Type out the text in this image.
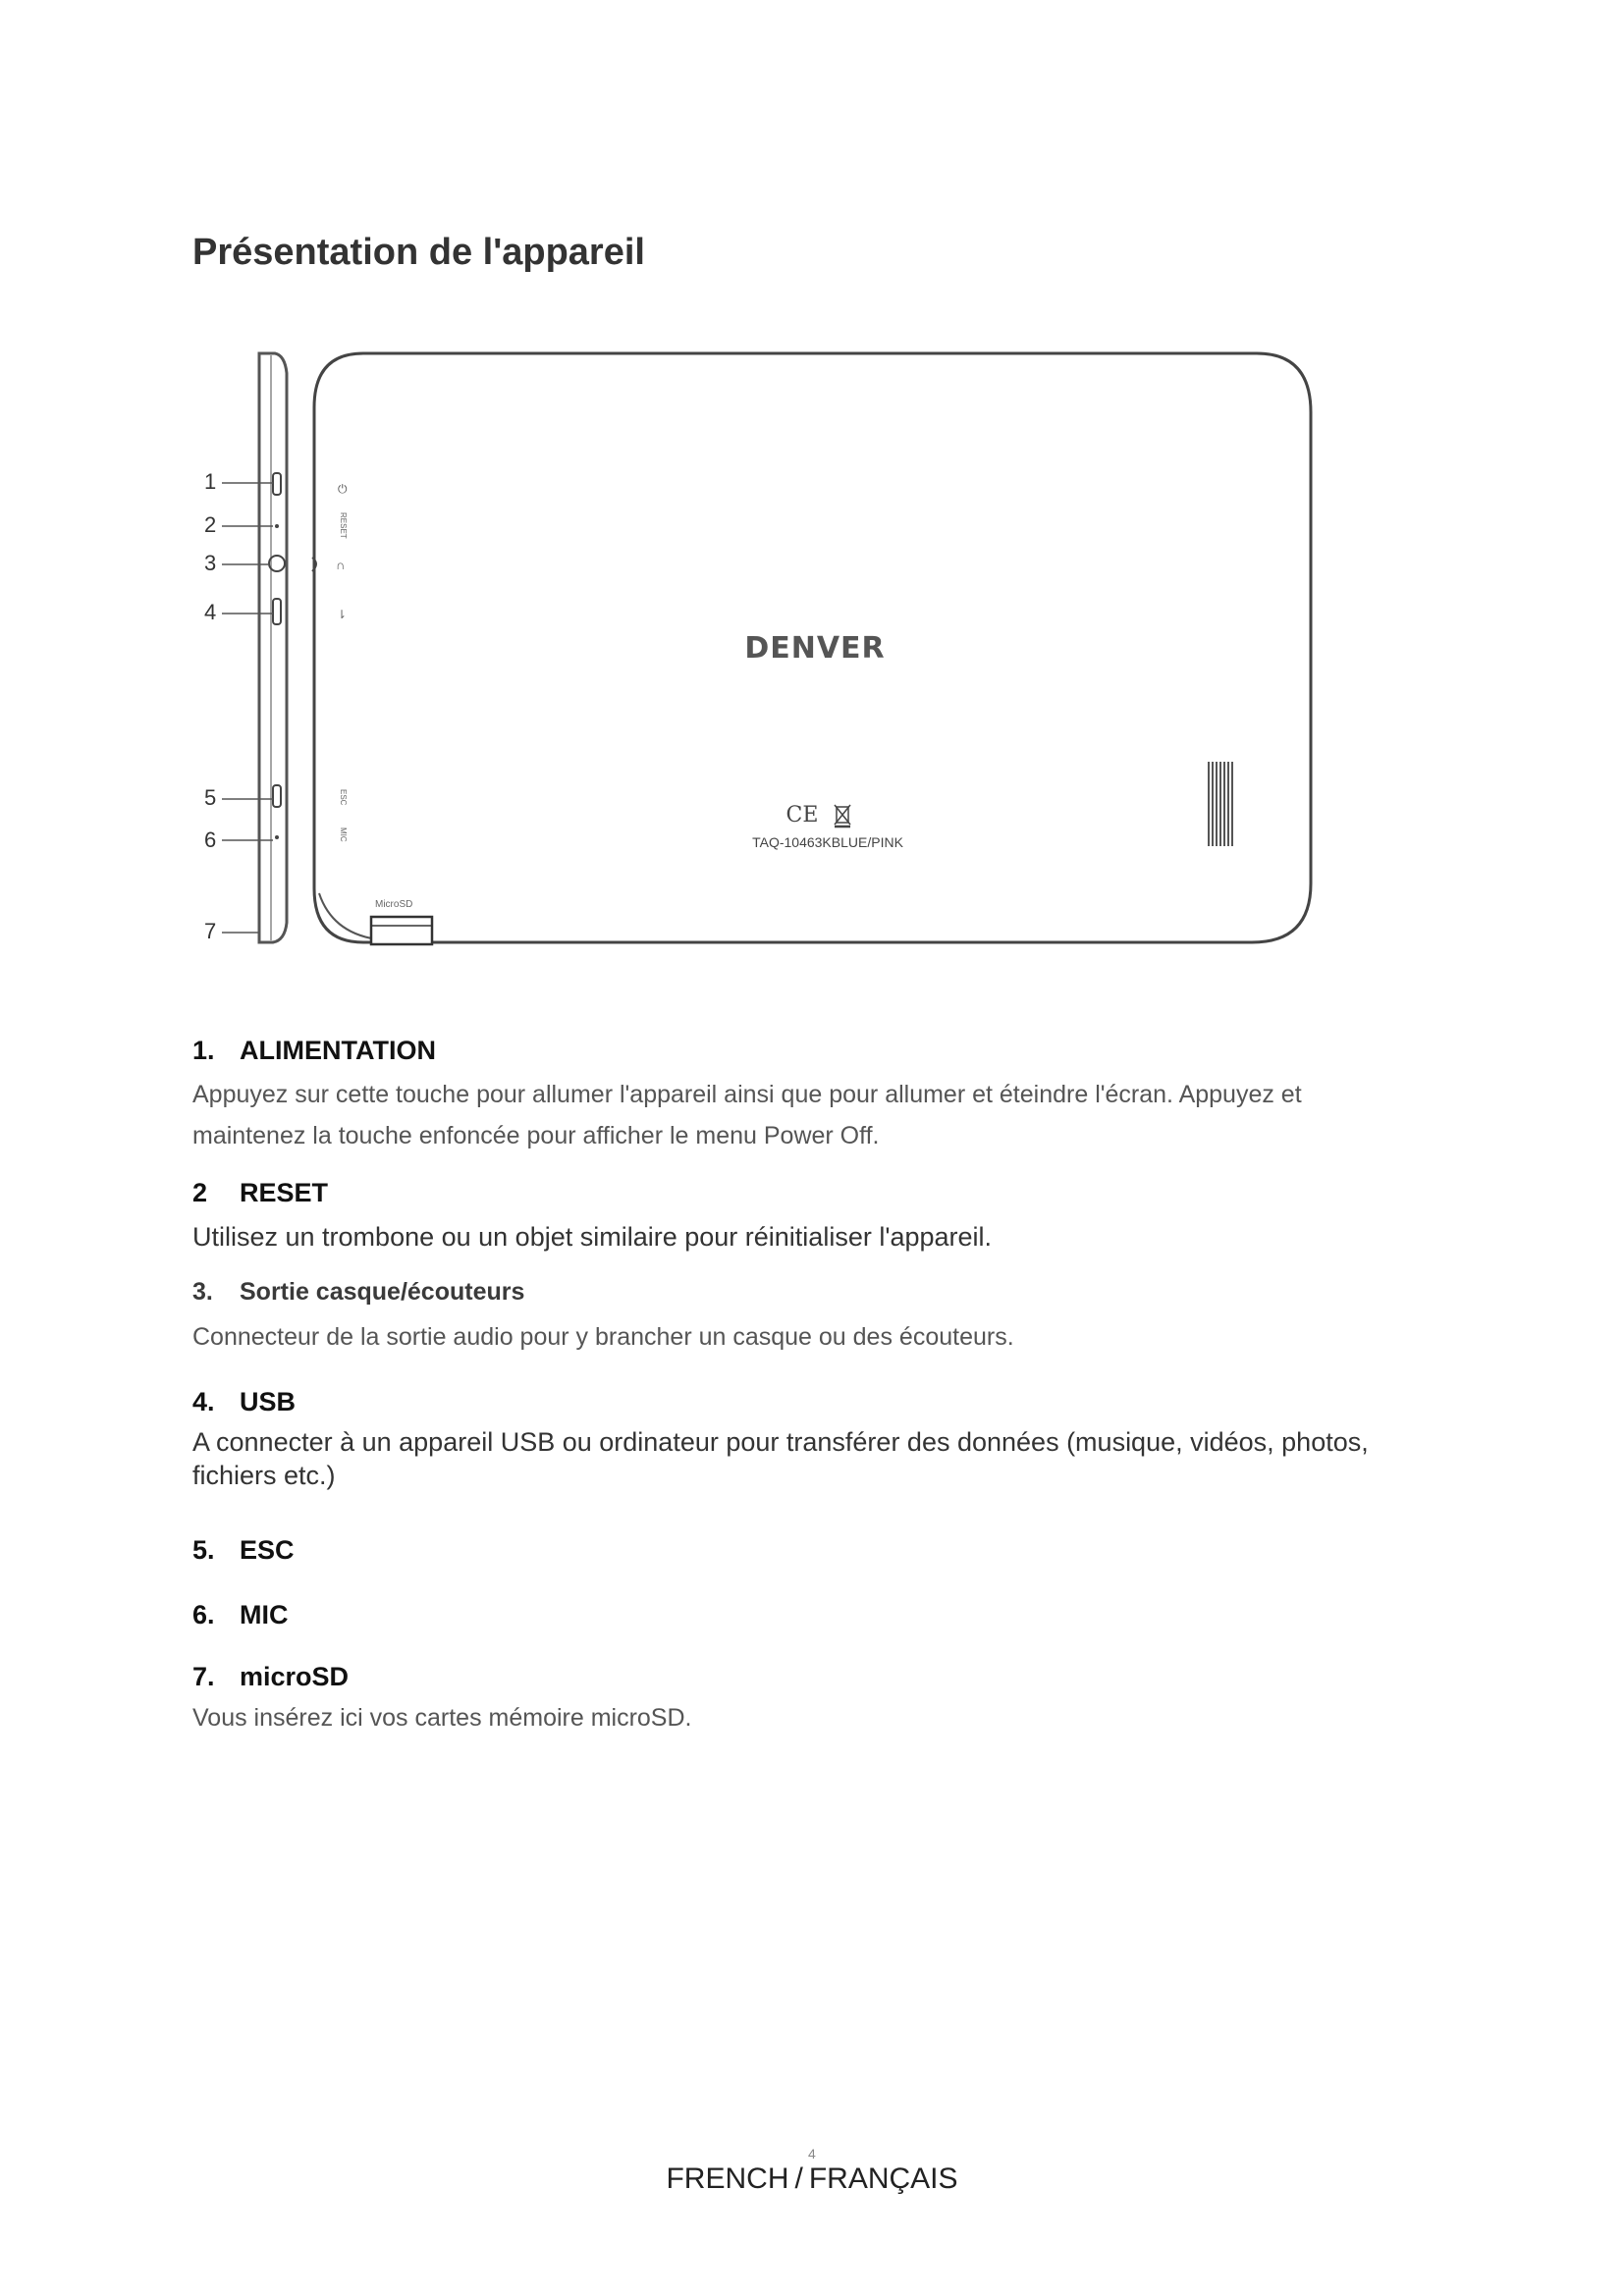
Présentation de l'appareil
1
2
3
4
5
6
7
⏻
RESET
∩
⇂
ESC
MIC
MicroSD
DENVER
CE
TAQ-10463KBLUE/PINK
1. ALIMENTATION
Appuyez sur cette touche pour allumer l'appareil ainsi que pour allumer et éteindre l'écran. Appuyez et maintenez la touche enfoncée pour afficher le menu Power Off.
2 RESET
Utilisez un trombone ou un objet similaire pour réinitialiser l'appareil.
3. Sortie casque/écouteurs
Connecteur de la sortie audio pour y brancher un casque ou des écouteurs.
4. USB
A connecter à un appareil USB ou ordinateur pour transférer des données (musique, vidéos, photos, fichiers etc.)
5. ESC
6. MIC
7. microSD
Vous insérez ici vos cartes mémoire microSD.
4
FRENCH / FRANÇAIS
